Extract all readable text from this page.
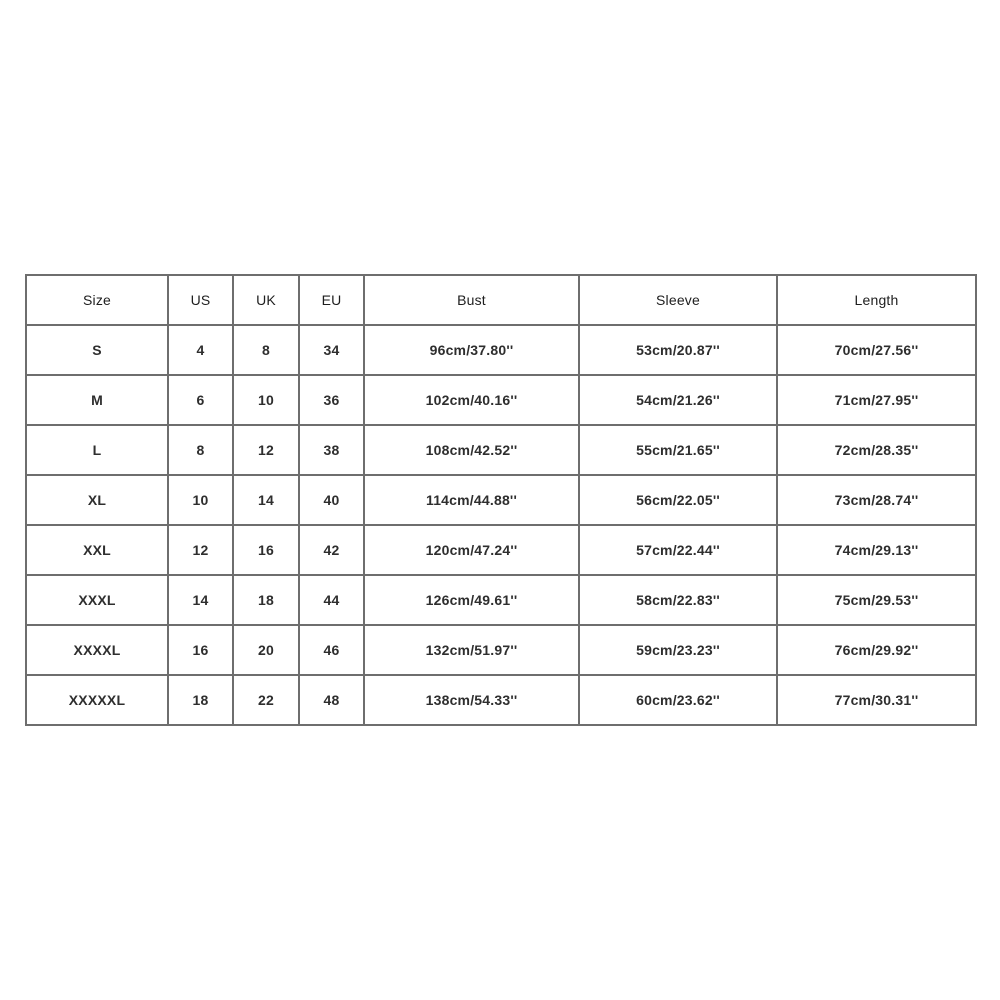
Size	US	UK	EU	Bust	Sleeve	Length
S	4	8	34	96cm/37.80''	53cm/20.87''	70cm/27.56''
M	6	10	36	102cm/40.16''	54cm/21.26''	71cm/27.95''
L	8	12	38	108cm/42.52''	55cm/21.65''	72cm/28.35''
XL	10	14	40	114cm/44.88''	56cm/22.05''	73cm/28.74''
XXL	12	16	42	120cm/47.24''	57cm/22.44''	74cm/29.13''
XXXL	14	18	44	126cm/49.61''	58cm/22.83''	75cm/29.53''
XXXXL	16	20	46	132cm/51.97''	59cm/23.23''	76cm/29.92''
XXXXXL	18	22	48	138cm/54.33''	60cm/23.62''	77cm/30.31''
